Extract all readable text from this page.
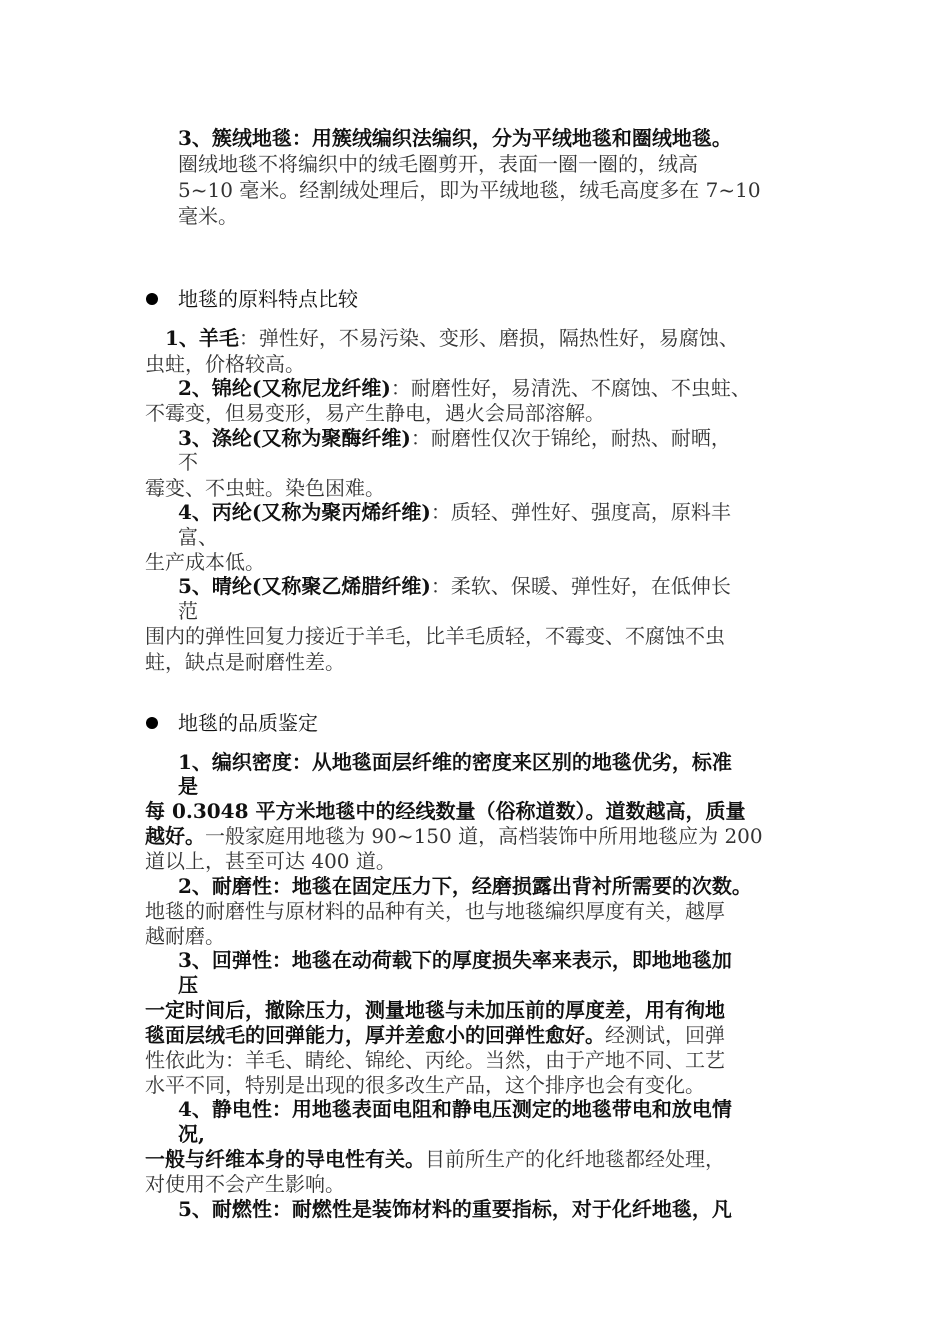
3、簇绒地毯：用簇绒编织法编织，分为平绒地毯和圈绒地毯。
圈绒地毯不将编织中的绒毛圈剪开，表面一圈一圈的，绒高
5~10 毫米。经割绒处理后，即为平绒地毯，绒毛高度多在 7~10
毫米。
地毯的原料特点比较
1、羊毛：弹性好，不易污染、变形、磨损，隔热性好，易腐蚀、
虫蛀，价格较高。
2、锦纶(又称尼龙纤维)：耐磨性好，易清洗、不腐蚀、不虫蛀、
不霉变，但易变形，易产生静电，遇火会局部溶解。
3、涤纶(又称为聚酶纤维)：耐磨性仅次于锦纶，耐热、耐晒，
不
霉变、不虫蛀。染色困难。
4、丙纶(又称为聚丙烯纤维)：质轻、弹性好、强度高，原料丰
富、
生产成本低。
5、晴纶(又称聚乙烯腊纤维)：柔软、保暖、弹性好，在低伸长
范
围内的弹性回复力接近于羊毛，比羊毛质轻，不霉变、不腐蚀不虫
蛀，缺点是耐磨性差。
地毯的品质鉴定
1、编织密度：从地毯面层纤维的密度来区别的地毯优劣，标准
是
每 0.3048 平方米地毯中的经线数量（俗称道数）。道数越高，质量
越好。一般家庭用地毯为 90~150 道，高档装饰中所用地毯应为 200
道以上，甚至可达 400 道。
2、耐磨性：地毯在固定压力下，经磨损露出背衬所需要的次数。
地毯的耐磨性与原材料的品种有关，也与地毯编织厚度有关，越厚
越耐磨。
3、回弹性：地毯在动荷载下的厚度损失率来表示，即地地毯加
压
一定时间后，撤除压力，测量地毯与未加压前的厚度差，用有徇地
毯面层绒毛的回弹能力，厚并差愈小的回弹性愈好。经测试，回弹
性依此为：羊毛、睛纶、锦纶、丙纶。当然，由于产地不同、工艺
水平不同，特别是出现的很多改生产品，这个排序也会有变化。
4、静电性：用地毯表面电阻和静电压测定的地毯带电和放电情
况,
一般与纤维本身的导电性有关。目前所生产的化纤地毯都经处理，
对使用不会产生影响。
5、耐燃性：耐燃性是装饰材料的重要指标，对于化纤地毯，凡
